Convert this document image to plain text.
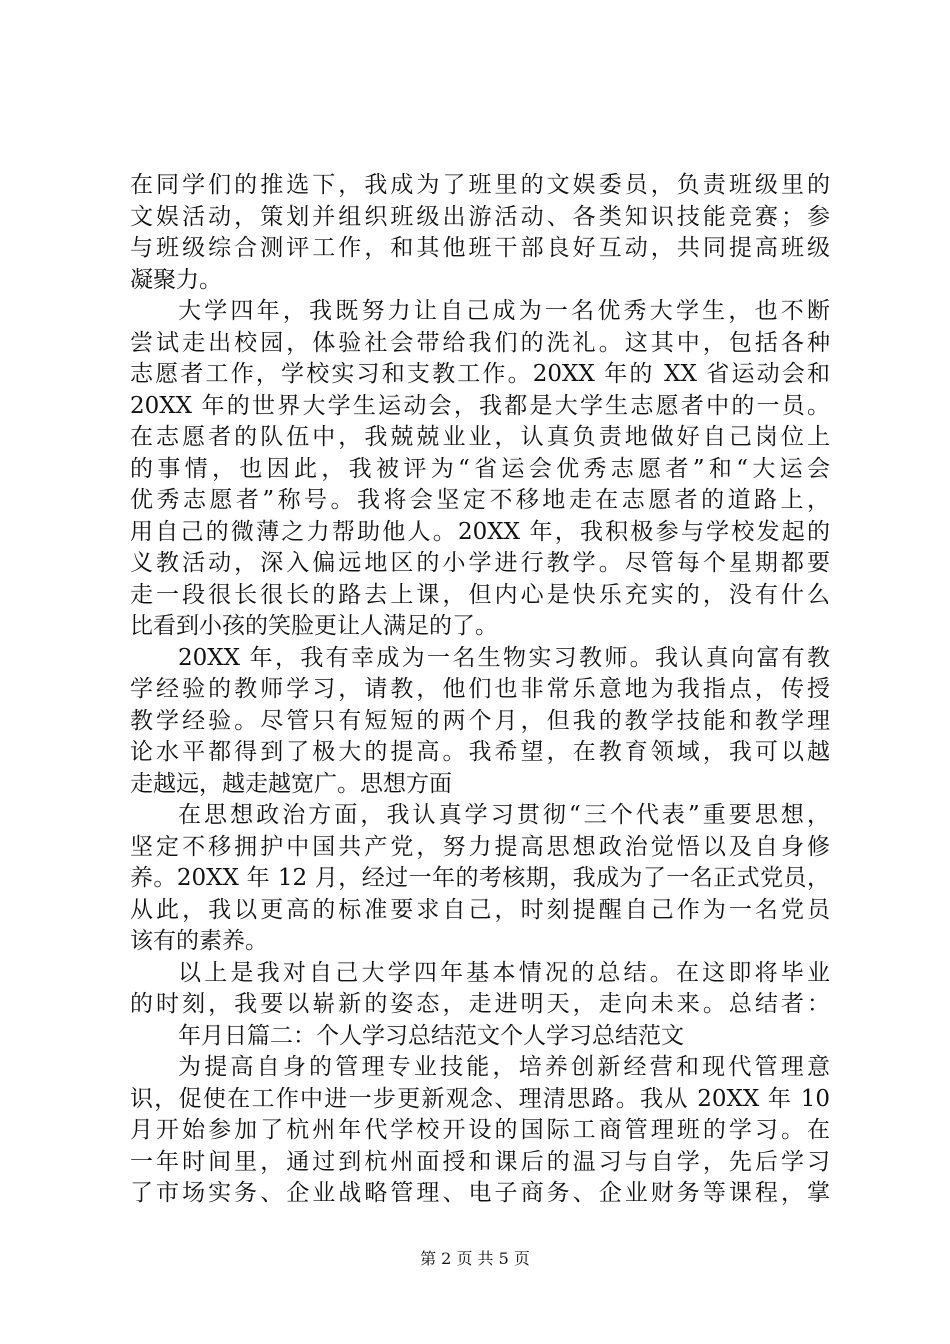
在同学们的推选下，我成为了班里的文娱委员，负责班级里的
文娱活动，策划并组织班级出游活动、各类知识技能竞赛；参
与班级综合测评工作，和其他班干部良好互动，共同提高班级
凝聚力。
大学四年，我既努力让自己成为一名优秀大学生，也不断
尝试走出校园，体验社会带给我们的洗礼。这其中，包括各种
志愿者工作，学校实习和支教工作。20XX 年的 XX 省运动会和
20XX 年的世界大学生运动会，我都是大学生志愿者中的一员。
在志愿者的队伍中，我兢兢业业，认真负责地做好自己岗位上
的事情，也因此，我被评为“省运会优秀志愿者”和“大运会
优秀志愿者”称号。我将会坚定不移地走在志愿者的道路上，
用自己的微薄之力帮助他人。20XX 年，我积极参与学校发起的
义教活动，深入偏远地区的小学进行教学。尽管每个星期都要
走一段很长很长的路去上课，但内心是快乐充实的，没有什么
比看到小孩的笑脸更让人满足的了。
20XX 年，我有幸成为一名生物实习教师。我认真向富有教
学经验的教师学习，请教，他们也非常乐意地为我指点，传授
教学经验。尽管只有短短的两个月，但我的教学技能和教学理
论水平都得到了极大的提高。我希望，在教育领域，我可以越
走越远，越走越宽广。思想方面
在思想政治方面，我认真学习贯彻“三个代表”重要思想，
坚定不移拥护中国共产党，努力提高思想政治觉悟以及自身修
养。20XX 年 12 月，经过一年的考核期，我成为了一名正式党员，
从此，我以更高的标准要求自己，时刻提醒自己作为一名党员
该有的素养。
以上是我对自己大学四年基本情况的总结。在这即将毕业
的时刻，我要以崭新的姿态，走进明天，走向未来。总结者：
年月日篇二：个人学习总结范文个人学习总结范文
为提高自身的管理专业技能，培养创新经营和现代管理意
识，促使在工作中进一步更新观念、理清思路。我从 20XX 年 10
月开始参加了杭州年代学校开设的国际工商管理班的学习。在
一年时间里，通过到杭州面授和课后的温习与自学，先后学习
了市场实务、企业战略管理、电子商务、企业财务等课程，掌
第 2 页 共 5 页
